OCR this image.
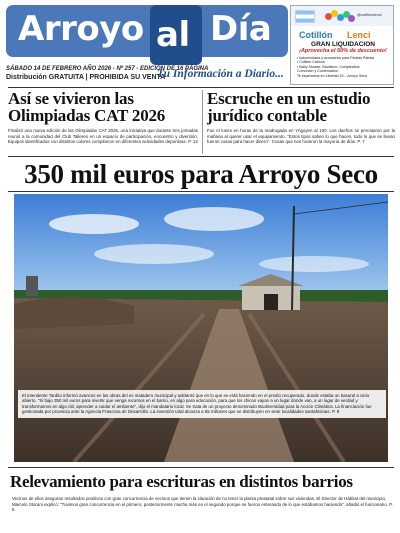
Arroyo al Día
SÁBADO 14 DE FEBRERO AÑO 2026 - Nº 257 - EDICIÓN DE 16 PÁGINA
Distribución GRATUITA | PROHIBIDA SU VENTA
Tu Información a Diario...
@cotillonlenci
Cotillón Lenci
GRAN LIQUIDACION
¡Aprovecha el 50% de descuento!
• Indumentaria y accesorios para Fiestas Patrias
• Cotillón Carioca
• Baby Shower, Bautismo, Cumpleaños
Comunión y Confirmación
Te esperamos en Libertad 15 – Arroyo Seco
Así se vivieron las Olimpiadas CAT 2026
Finalizó una nueva edición de las Olimpiadas CAT 2026, una iniciativa que durante tres jornadas reunió a la comunidad del Club Talleres en un espacio de participación, encuentro y diversión. Equipos identificados con distintos colores compitieron en diferentes actividades deportivas. P. 13
Escruche en un estudio jurídico contable
Fue el lunes en horas de la madrugada en Yrigoyen al 100. Los dueños se percataron por la mañana al querer usar el equipamiento. "Estos tipos saben lo que hacen, todo lo que se llevan fueron cosas para hacer dinero". Cosas que nos hicieron la mayoría de días. P. 7
350 mil euros para Arroyo Seco
El intendente Tardito informó avances en las obras del ex matadero municipal y adelantó que en lo que se está haciendo en el predio recuperado, donde estaba un basural a cielo abierto. "Si bajo 350 mil euros para invertir que venga recursos en el barrio, en algo para educación, para que los chicos vayan a un lugar donde van, a un lugar de verdad y transformamos en algo útil, aprender a cuidar el ambiente", dijo el mandatario local. Se trata de un proyecto denominado Biodiversidad para la Acción Climática. La financiación fue gestionada por provincia ante la Agencia Francesa de Desarrollo. La inversión total alcanza a 65 millones que se distribuyen en siete localidades santafesinas. P. 9
Relevamiento para escrituras en distintos barrios
Vecinos de ellos aseguran resultados positivos con gran concurrencia de vecinos que tienen la situación de no tener la planta prestatal sobre sus viviendas. El Director de Hábitat del municipio, Marcelo Storani explicó: "Tuvimos gran concurrencia en el primero, posteriormente mucha más en el segundo porque se fueron enterando de lo que estábamos haciendo", añadió el funcionario. P. 6
